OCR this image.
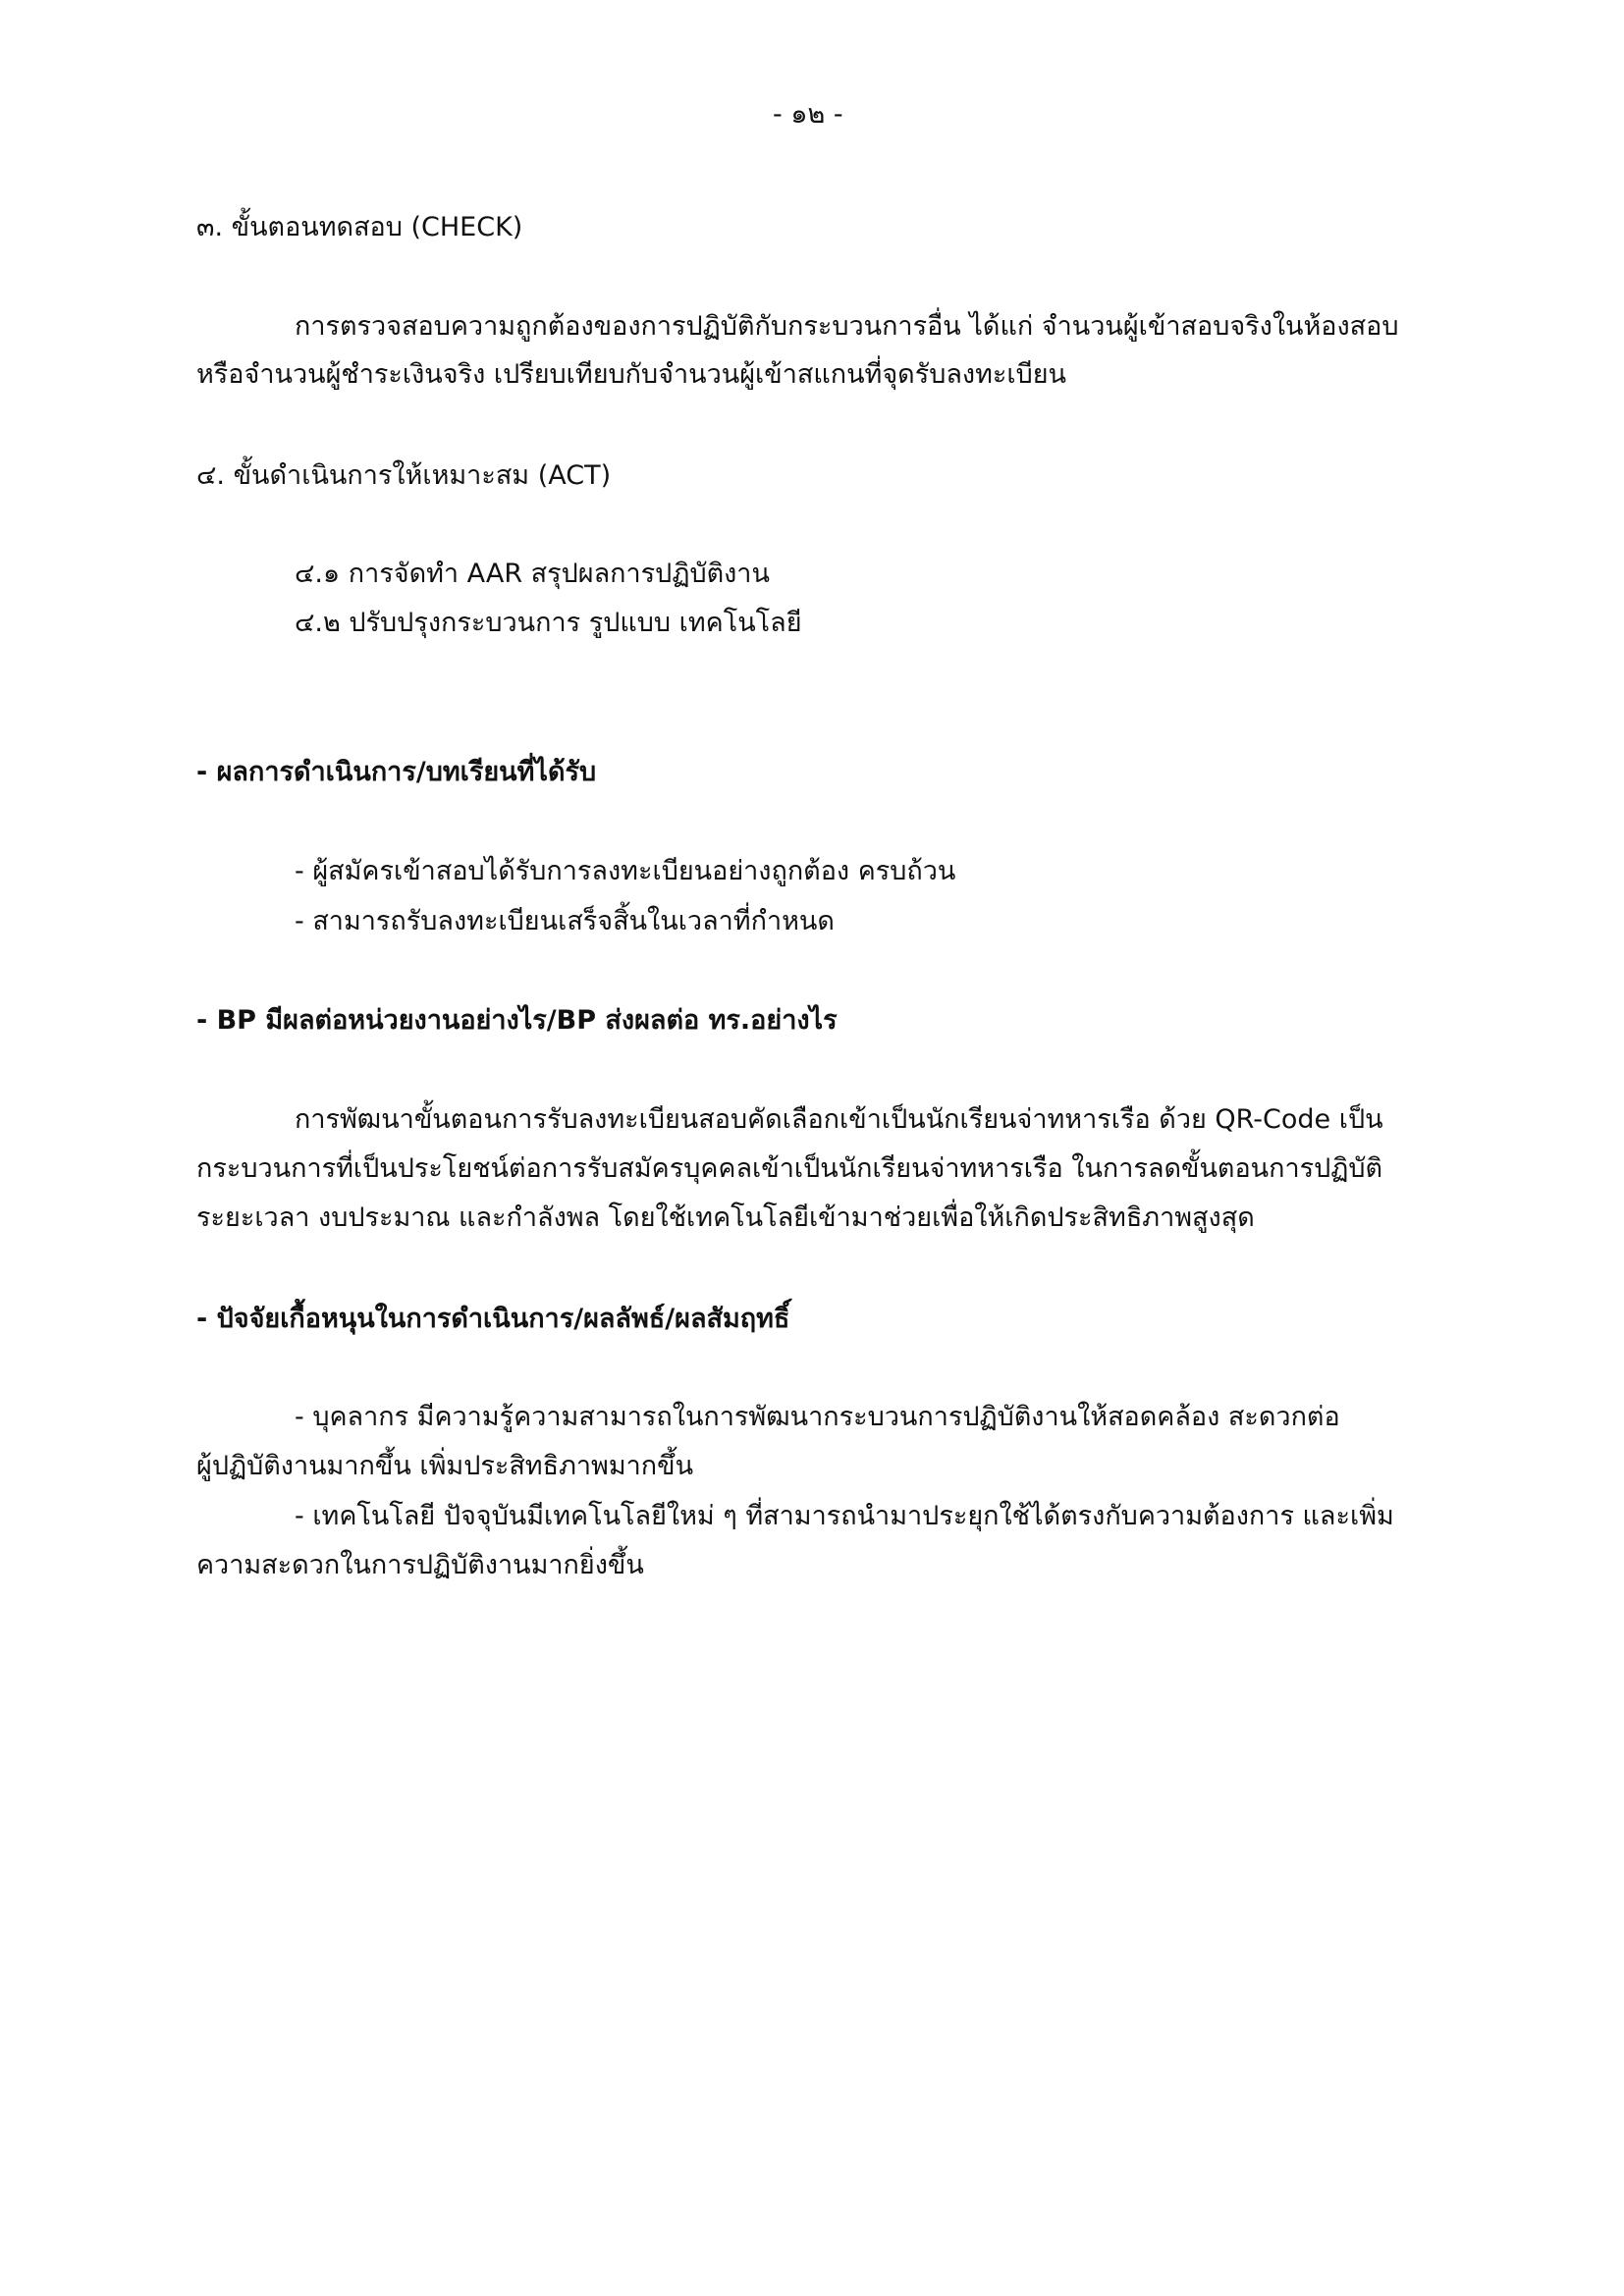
- ๑๒ -
๓. ขั้นตอนทดสอบ (CHECK)
การตรวจสอบความถูกต้องของการปฏิบัติกับกระบวนการอื่น ได้แก่ จำนวนผู้เข้าสอบจริงในห้องสอบ
หรือจำนวนผู้ชำระเงินจริง เปรียบเทียบกับจำนวนผู้เข้าสแกนที่จุดรับลงทะเบียน
๔. ขั้นดำเนินการให้เหมาะสม (ACT)
๔.๑ การจัดทำ AAR สรุปผลการปฏิบัติงาน
๔.๒ ปรับปรุงกระบวนการ รูปแบบ เทคโนโลยี
- ผลการดำเนินการ/บทเรียนที่ได้รับ
- ผู้สมัครเข้าสอบได้รับการลงทะเบียนอย่างถูกต้อง ครบถ้วน
- สามารถรับลงทะเบียนเสร็จสิ้นในเวลาที่กำหนด
- BP มีผลต่อหน่วยงานอย่างไร/BP ส่งผลต่อ ทร.อย่างไร
การพัฒนาขั้นตอนการรับลงทะเบียนสอบคัดเลือกเข้าเป็นนักเรียนจ่าทหารเรือ ด้วย QR-Code เป็น
กระบวนการที่เป็นประโยชน์ต่อการรับสมัครบุคคลเข้าเป็นนักเรียนจ่าทหารเรือ ในการลดขั้นตอนการปฏิบัติ
ระยะเวลา งบประมาณ และกำลังพล โดยใช้เทคโนโลยีเข้ามาช่วยเพื่อให้เกิดประสิทธิภาพสูงสุด
- ปัจจัยเกื้อหนุนในการดำเนินการ/ผลลัพธ์/ผลสัมฤทธิ์
- บุคลากร มีความรู้ความสามารถในการพัฒนากระบวนการปฏิบัติงานให้สอดคล้อง สะดวกต่อ
ผู้ปฏิบัติงานมากขึ้น เพิ่มประสิทธิภาพมากขึ้น
- เทคโนโลยี ปัจจุบันมีเทคโนโลยีใหม่ ๆ ที่สามารถนำมาประยุกใช้ได้ตรงกับความต้องการ และเพิ่ม
ความสะดวกในการปฏิบัติงานมากยิ่งขึ้น
